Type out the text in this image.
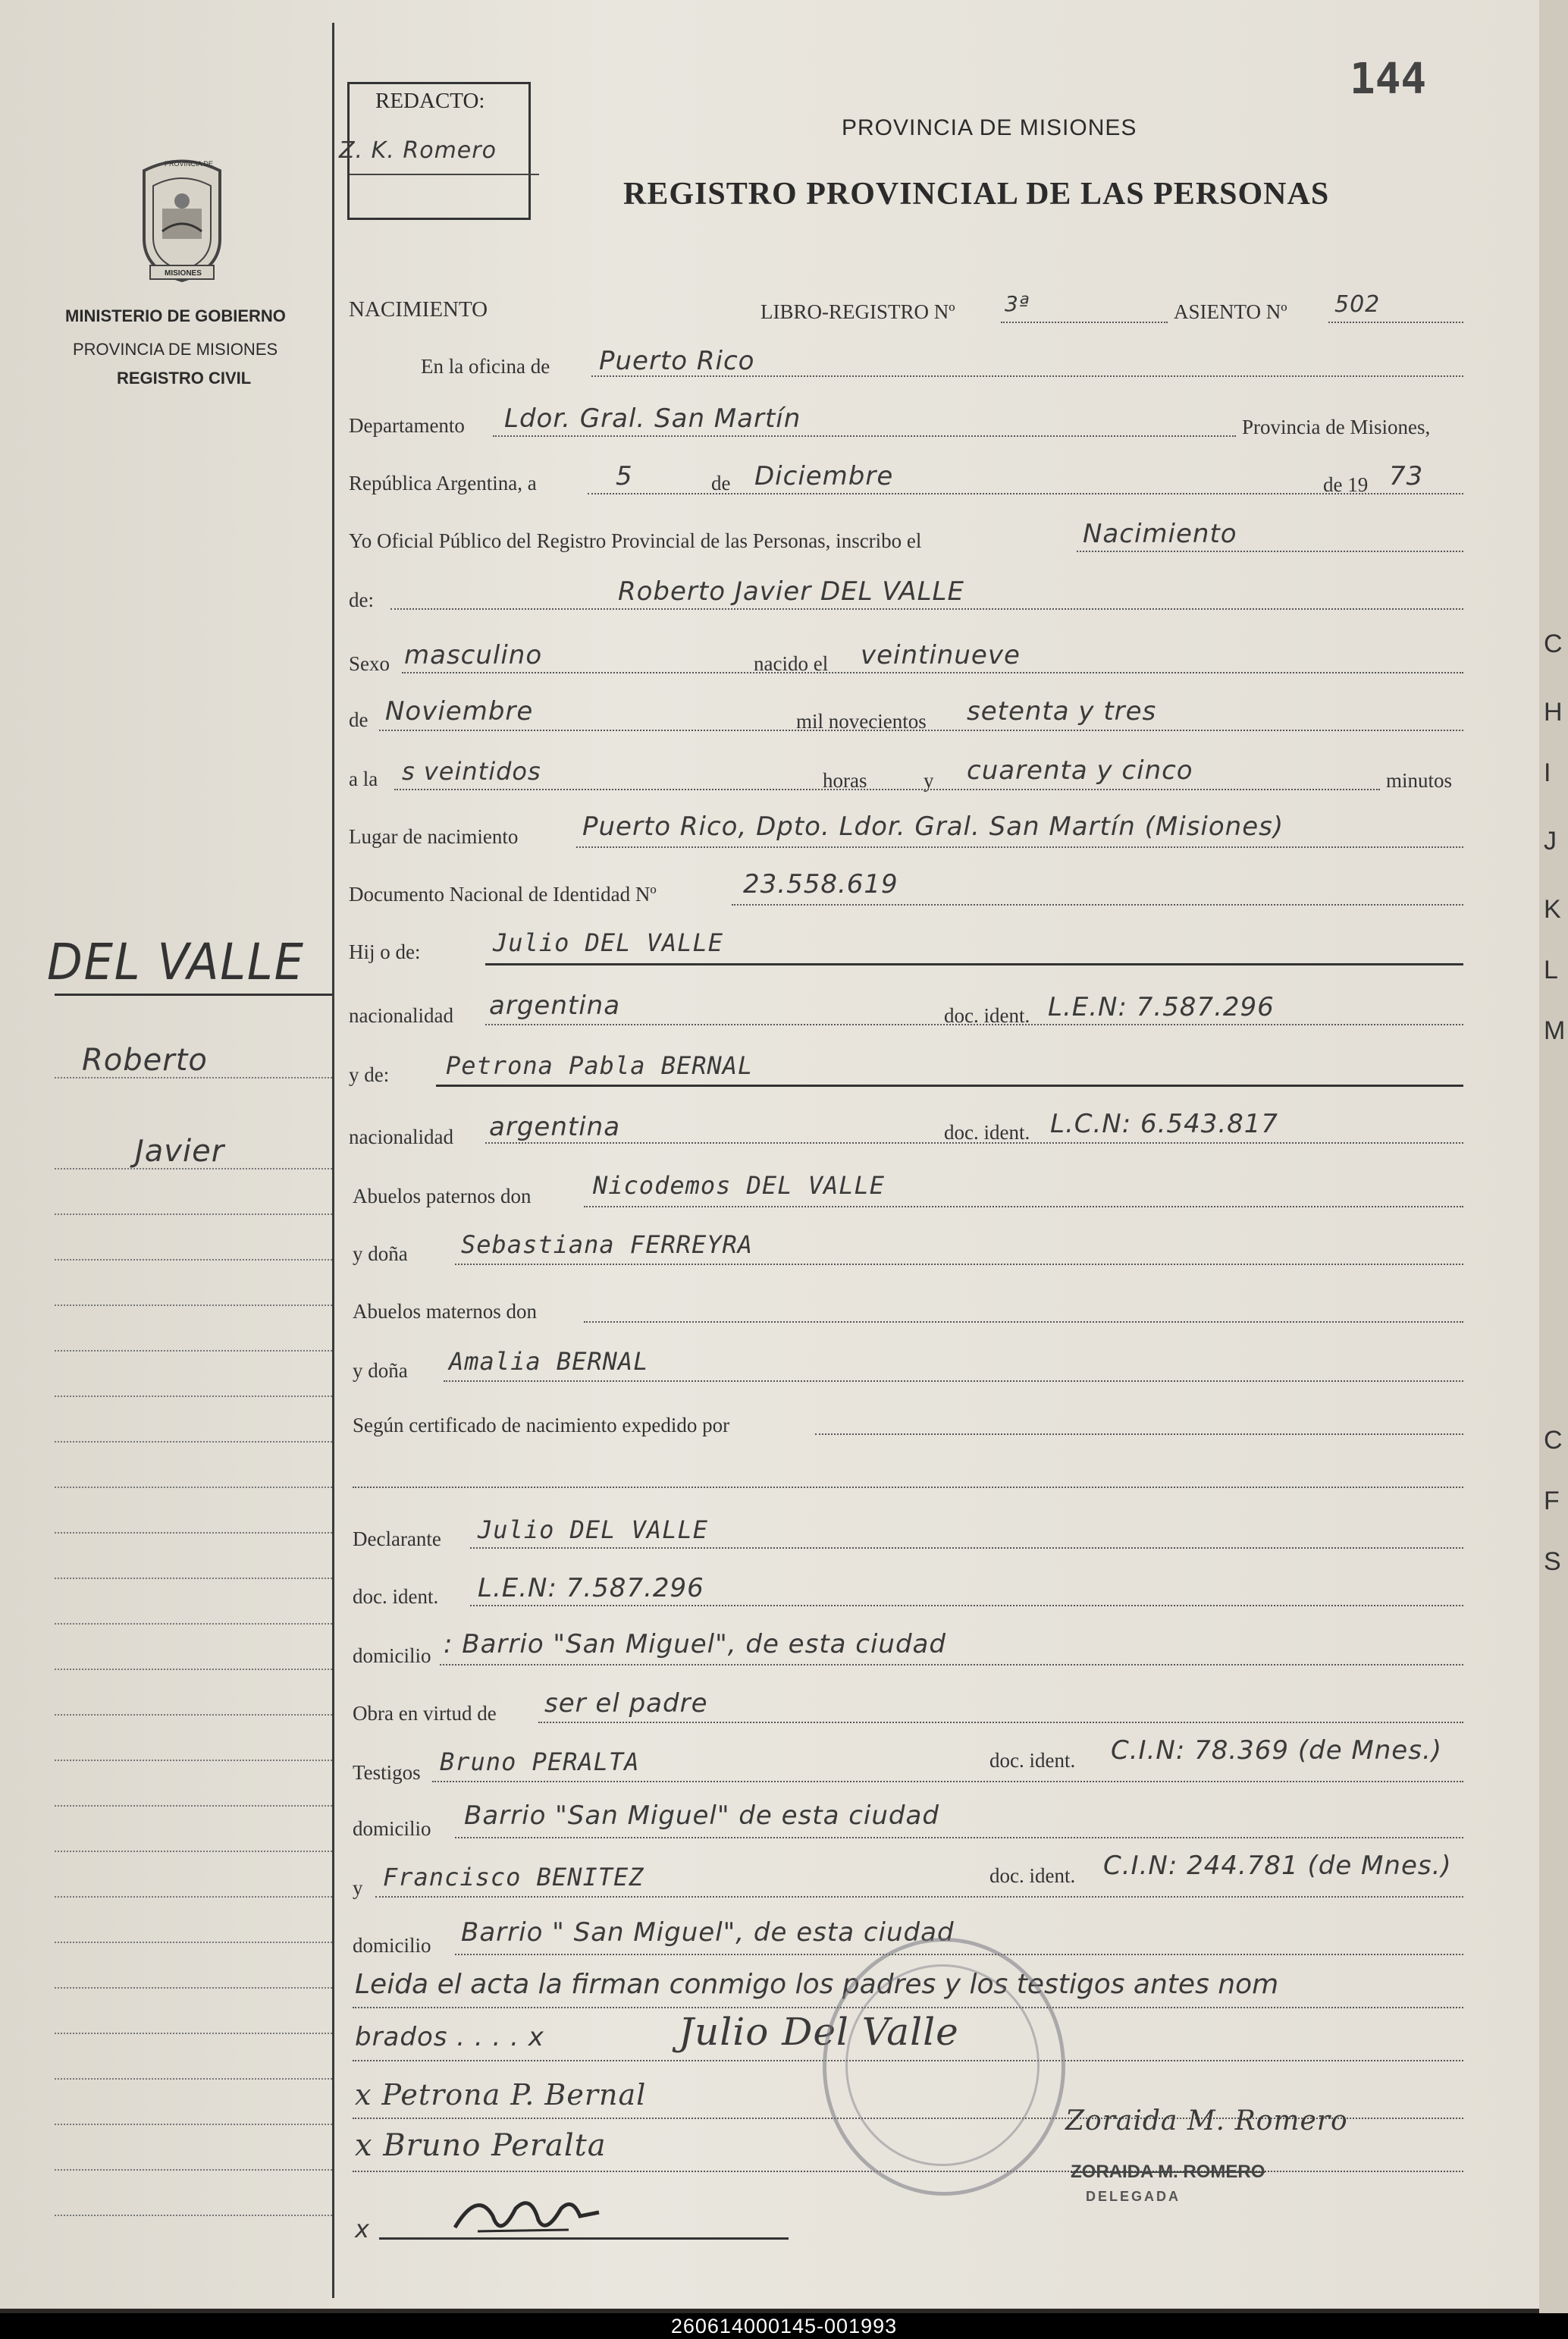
C
H
I
J
K
L
M
C
F
S
144
REDACTO:
Z. K. Romero
PROVINCIA DE MISIONES
REGISTRO PROVINCIAL DE LAS PERSONAS
PROVINCIA DE
MISIONES
MINISTERIO DE GOBIERNO
PROVINCIA DE MISIONES
REGISTRO CIVIL
DEL VALLE
Roberto
Javier
NACIMIENTO	LIBRO-REGISTRO Nº 3ª	ASIENTO Nº 502
En la oficina de Puerto Rico
Departamento Ldor. Gral. San Martín	Provincia de Misiones,
República Argentina, a	5	de Diciembre	de 19 73
Yo Oficial Público del Registro Provincial de las Personas, inscribo el	Nacimiento
de:	Roberto Javier DEL VALLE
Sexo masculino	nacido el veintinueve
de Noviembre	mil novecientos setenta y tres
a la s veintidos	horas	y cuarenta y cinco	minutos
Lugar de nacimiento Puerto Rico, Dpto. Ldor. Gral. San Martín (Misiones)
Documento Nacional de Identidad Nº	23.558.619
Hij o de:	Julio DEL VALLE
nacionalidad argentina	doc. ident. L.E.N: 7.587.296
y de: Petrona Pabla BERNAL
nacionalidad argentina	doc. ident. L.C.N: 6.543.817
Abuelos paternos don	Nicodemos DEL VALLE
y doña Sebastiana FERREYRA
Abuelos maternos don
y doña Amalia BERNAL
Según certificado de nacimiento expedido por
Declarante Julio DEL VALLE
doc. ident. L.E.N: 7.587.296
domicilio : Barrio "San Miguel", de esta ciudad
Obra en virtud de ser el padre
Testigos Bruno PERALTA	doc. ident. C.I.N: 78.369 (de Mnes.)
domicilio Barrio "San Miguel" de esta ciudad
y Francisco BENITEZ	doc. ident. C.I.N: 244.781 (de Mnes.)
domicilio Barrio " San Miguel", de esta ciudad
Leida el acta la firman conmigo los padres y los testigos antes nom
brados . . . . x	Julio Del Valle
x Petrona P. Bernal
x Bruno Peralta
x
Zoraida M. Romero
ZORAIDA M. ROMERO
DELEGADA
260614000145-001993
